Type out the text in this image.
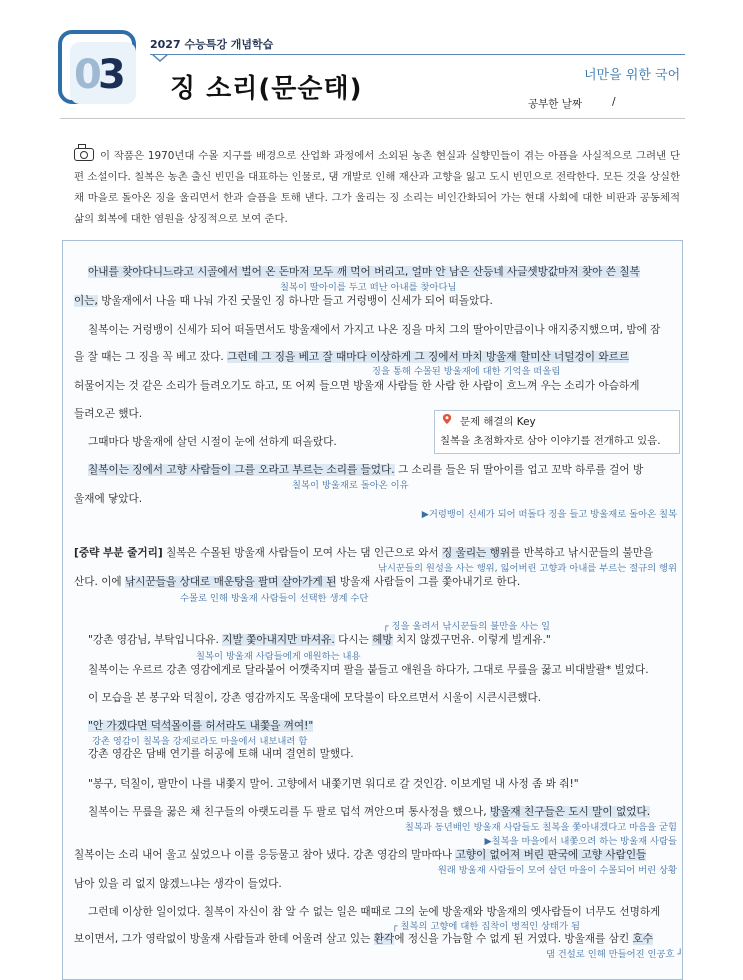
0
3
2027 수능특강 개념학습
징 소리(문순태)	너만을 위한 국어
공부한 날짜	/
이 작품은 1970년대 수몰 지구를 배경으로 산업화 과정에서 소외된 농촌 현실과 실향민들이 겪는 아픔을 사실적으로 그려낸 단편 소설이다. 칠복은 농촌 출신 빈민을 대표하는 인물로, 댐 개발로 인해 재산과 고향을 잃고 도시 빈민으로 전락한다. 모든 것을 상실한 채 마을로 돌아온 징을 울리면서 한과 슬픔을 토해 낸다. 그가 울리는 징 소리는 비인간화되어 가는 현대 사회에 대한 비판과 공동체적 삶의 회복에 대한 염원을 상징적으로 보여 준다.
아내를 찾아다니느라고 시골에서 벌어 온 돈마저 모두 깨 먹어 버리고, 얼마 안 남은 산등네 사글셋방값마저 찾아 쓴 칠복
칠복이 딸아이를 두고 떠난 아내를 찾아다님
이는, 방울재에서 나올 때 나눠 가진 굿물인 징 하나만 들고 거렁뱅이 신세가 되어 떠돌았다.
칠복이는 거렁뱅이 신세가 되어 떠돌면서도 방울재에서 가지고 나온 징을 마치 그의 딸아이만큼이나 애지중지했으며, 밤에 잠
을 잘 때는 그 징을 꼭 베고 잤다. 그런데 그 징을 베고 잘 때마다 이상하게 그 징에서 마치 방울재 할미산 너덜겅이 와르르
징을 통해 수몰된 방울재에 대한 기억을 떠올림
허물어지는 것 같은 소리가 들려오기도 하고, 또 어찌 들으면 방울재 사람들 한 사람 한 사람이 흐느껴 우는 소리가 아슴하게
들려오곤 했다.
그때마다 방울재에 살던 시절이 눈에 선하게 떠올랐다.
문제 해결의 Key
칠복을 초점화자로 삼아 이야기를 전개하고 있음.
칠복이는 징에서 고향 사람들이 그를 오라고 부르는 소리를 들었다. 그 소리를 들은 뒤 딸아이를 업고 꼬박 하루를 걸어 방
칠복이 방울재로 돌아온 이유
울재에 닿았다.
▶거렁뱅이 신세가 되어 떠돌다 징을 들고 방울재로 돌아온 칠복
[중략 부분 줄거리] 칠복은 수몰된 방울재 사람들이 모여 사는 댐 인근으로 와서 징 울리는 행위를 반복하고 낚시꾼들의 불만을
낚시꾼들의 원성을 사는 행위, 잃어버린 고향과 아내를 부르는 절규의 행위
산다. 이에 낚시꾼들을 상대로 매운탕을 팔며 살아가게 된 방울재 사람들이 그를 쫓아내기로 한다.
수몰로 인해 방울재 사람들이 선택한 생계 수단
┌ 징을 울려서 낚시꾼들의 불만을 사는 일
"강촌 영감님, 부탁입니다유. 지발 쫓아내지만 마셔유. 다시는 헤방 치지 않겠구먼유. 이렇게 빌게유."
칠복이 방울재 사람들에게 애원하는 내용
칠복이는 우르르 강촌 영감에게로 달라붙어 어깻죽지며 팔을 붙들고 애원을 하다가, 그대로 무릎을 꿇고 비대발괄* 빌었다.
이 모습을 본 봉구와 덕칠이, 강촌 영감까지도 목울대에 모닥불이 타오르면서 시울이 시큰시큰했다.
"안 가겠다면 덕석몰이를 허서라도 내쫓을 껴여!"
강촌 영감이 칠복을 강제로라도 마을에서 내보내려 함
강촌 영감은 담배 연기를 허공에 토해 내며 결연히 말했다.
"봉구, 덕칠이, 팔만이 나를 내쫓지 말어. 고향에서 내쫓기면 워디로 갈 것인감. 이보게덜 내 사정 좀 봐 줘!"
칠복이는 무릎을 꿇은 채 친구들의 아랫도리를 두 팔로 덥석 껴안으며 통사정을 했으나, 방울재 친구들은 도시 말이 없었다.
칠복과 동년배인 방울재 사람들도 칠복을 쫓아내겠다고 마음을 굳힘
▶칠복을 마을에서 내쫓으려 하는 방울재 사람들
칠복이는 소리 내어 울고 싶었으나 이를 응등물고 참아 냈다. 강촌 영감의 말마따나 고향이 없어져 버린 판국에 고향 사람인들
원래 방울재 사람들이 모여 살던 마을이 수몰되어 버린 상황
남아 있을 리 없지 않겠느냐는 생각이 들었다.
그런데 이상한 일이었다. 칠복이 자신이 참 알 수 없는 일은 때때로 그의 눈에 방울재와 방울재의 옛사람들이 너무도 선명하게
┌ 칠복의 고향에 대한 집착이 병적인 상태가 됨
보이면서, 그가 영락없이 방울재 사람들과 한데 어울려 살고 있는 환각에 정신을 가늠할 수 없게 된 거였다. 방울재를 삼킨 호수
댐 건설로 인해 만들어진 인공호 ┘
